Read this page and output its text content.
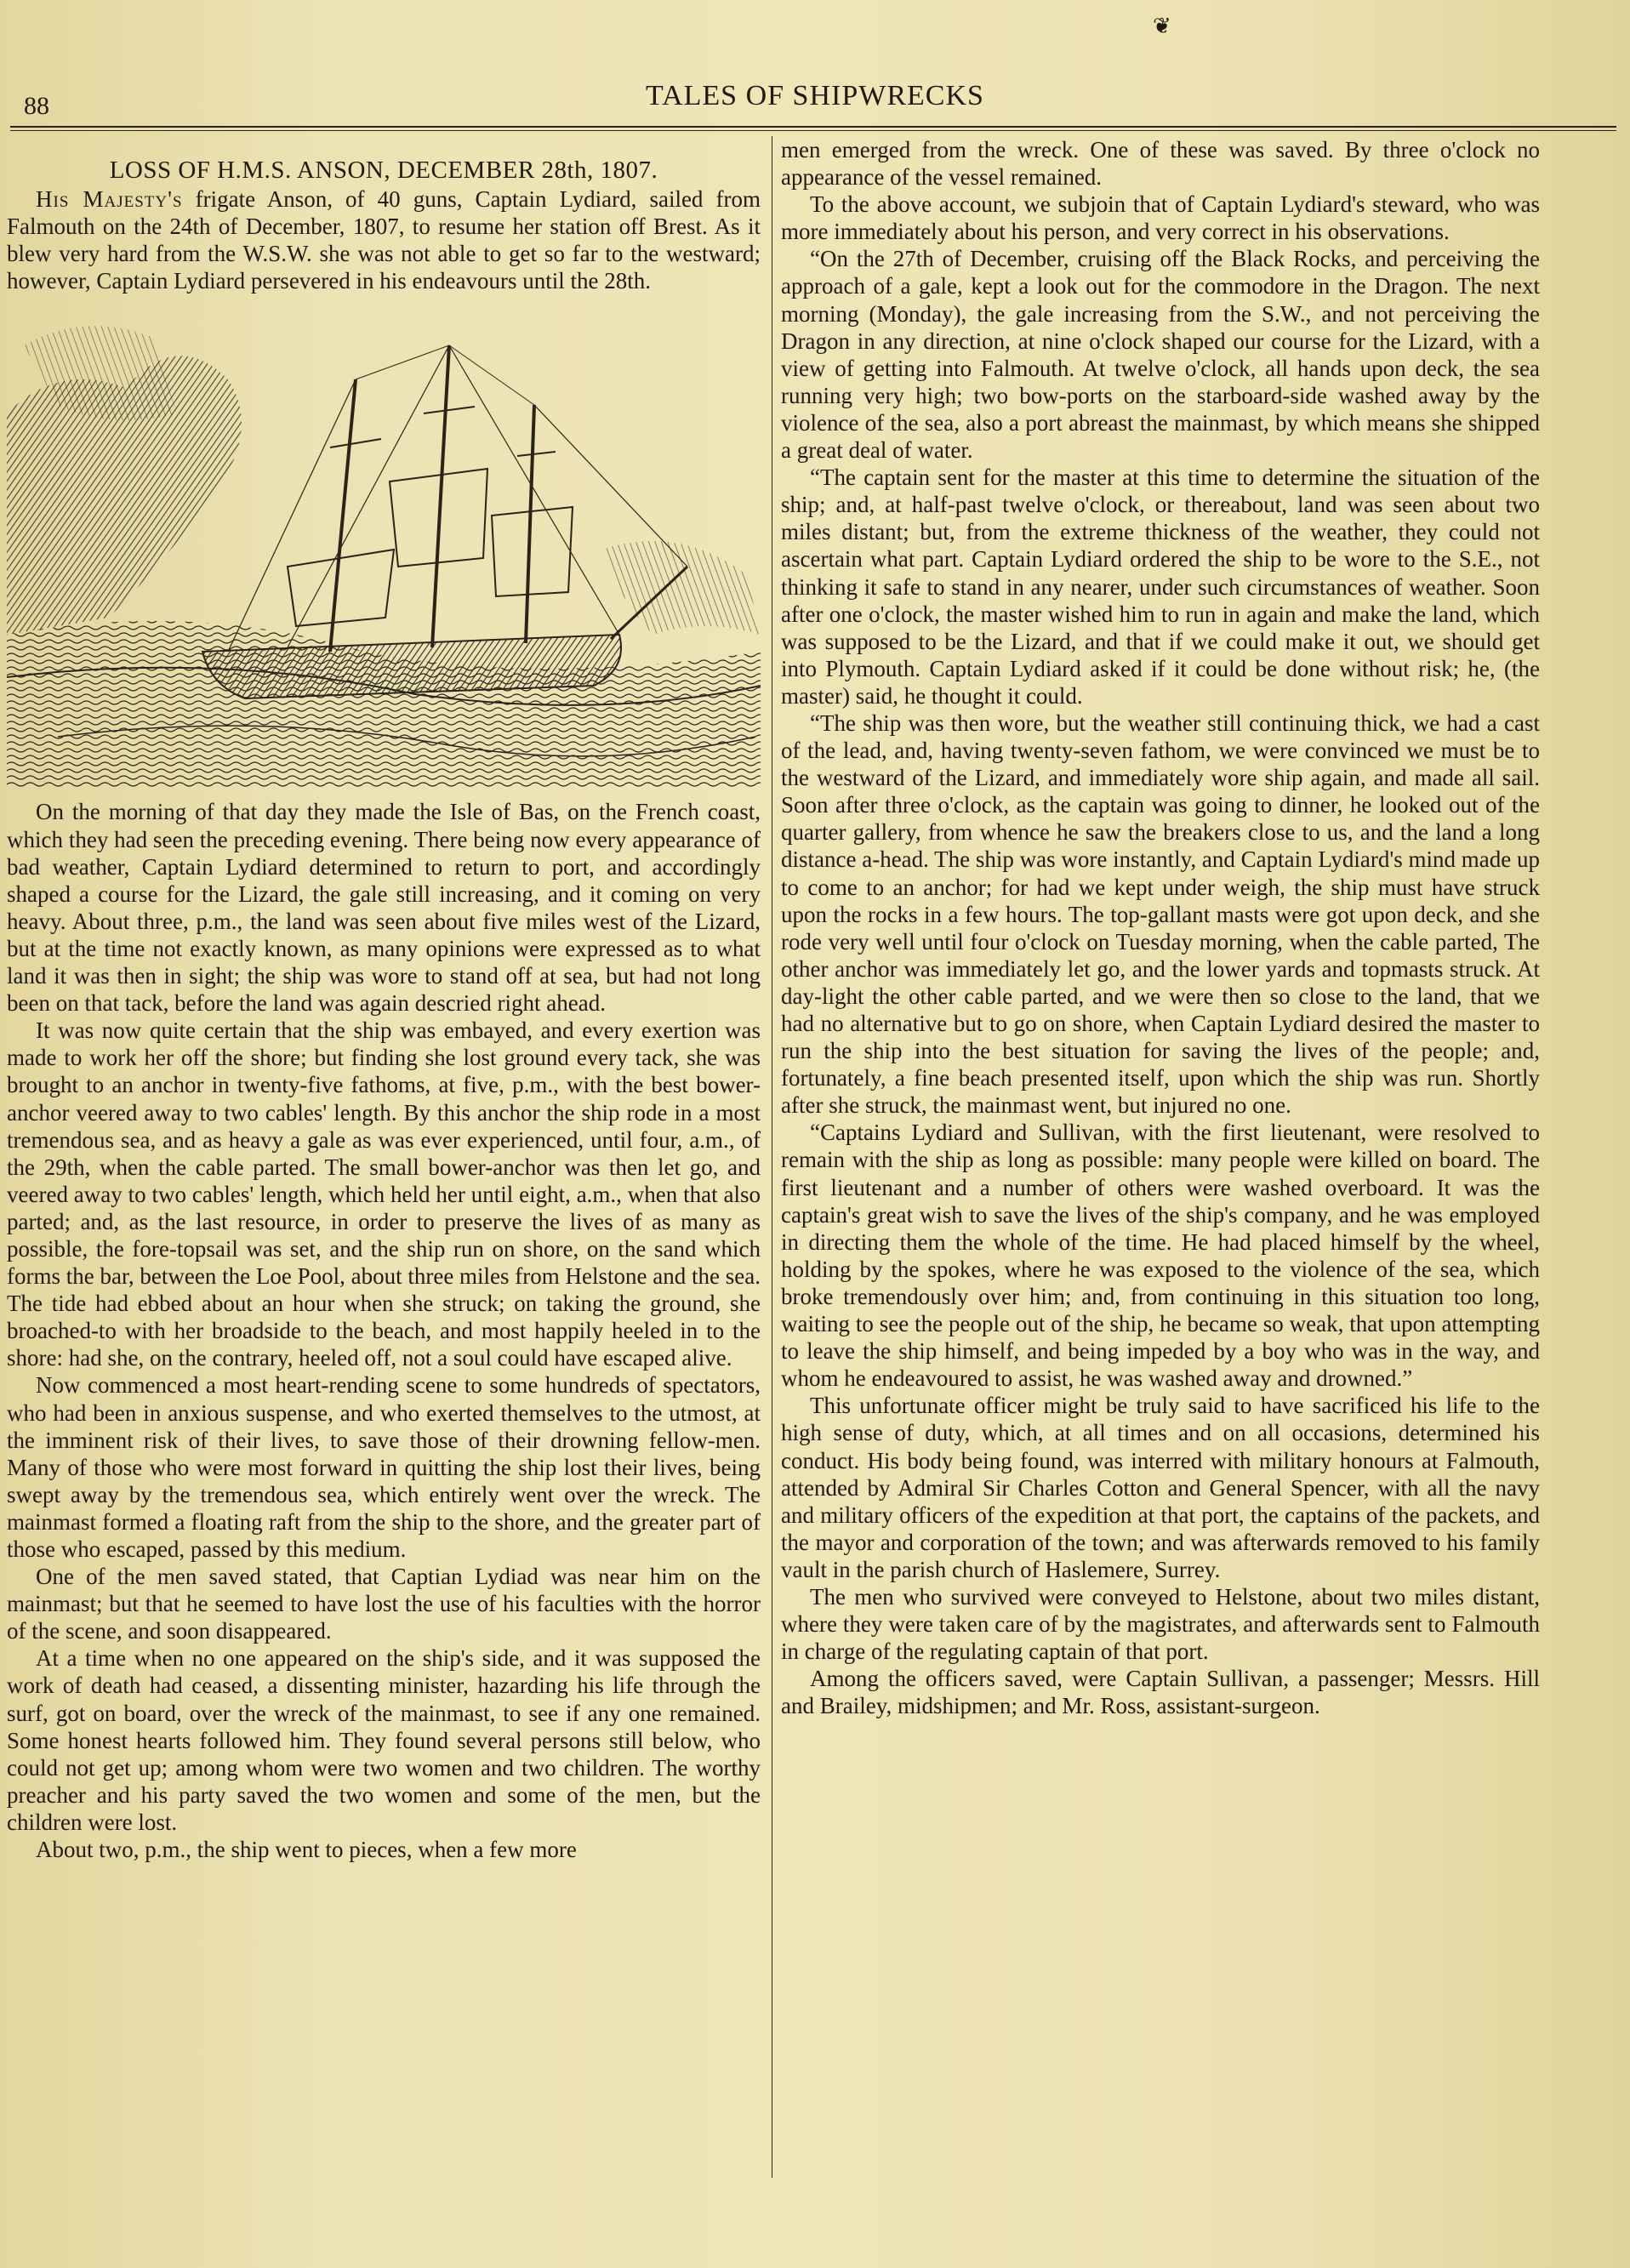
❦
88	TALES OF SHIPWRECKS
LOSS OF H.M.S. ANSON, DECEMBER 28th, 1807.

His Majesty's frigate Anson, of 40 guns, Captain Lydiard, sailed from Falmouth on the 24th of December, 1807, to resume her station off Brest. As it blew very hard from the W.S.W. she was not able to get so far to the westward; however, Captain Lydiard persevered in his endeavours until the 28th.

On the morning of that day they made the Isle of Bas, on the French coast, which they had seen the preceding evening. There being now every appearance of bad weather, Captain Lydiard determined to return to port, and accordingly shaped a course for the Lizard, the gale still increasing, and it coming on very heavy. About three, p.m., the land was seen about five miles west of the Lizard, but at the time not exactly known, as many opinions were expressed as to what land it was then in sight; the ship was wore to stand off at sea, but had not long been on that tack, before the land was again descried right ahead.

It was now quite certain that the ship was embayed, and every exertion was made to work her off the shore; but finding she lost ground every tack, she was brought to an anchor in twenty-five fathoms, at five, p.m., with the best bower-anchor veered away to two cables' length. By this anchor the ship rode in a most tremendous sea, and as heavy a gale as was ever experienced, until four, a.m., of the 29th, when the cable parted. The small bower-anchor was then let go, and veered away to two cables' length, which held her until eight, a.m., when that also parted; and, as the last resource, in order to preserve the lives of as many as possible, the fore-topsail was set, and the ship run on shore, on the sand which forms the bar, between the Loe Pool, about three miles from Helstone and the sea. The tide had ebbed about an hour when she struck; on taking the ground, she broached-to with her broadside to the beach, and most happily heeled in to the shore: had she, on the contrary, heeled off, not a soul could have escaped alive.

Now commenced a most heart-rending scene to some hundreds of spectators, who had been in anxious suspense, and who exerted themselves to the utmost, at the imminent risk of their lives, to save those of their drowning fellow-men. Many of those who were most forward in quitting the ship lost their lives, being swept away by the tremendous sea, which entirely went over the wreck. The mainmast formed a floating raft from the ship to the shore, and the greater part of those who escaped, passed by this medium.

One of the men saved stated, that Captian Lydiad was near him on the mainmast; but that he seemed to have lost the use of his faculties with the horror of the scene, and soon disappeared.

At a time when no one appeared on the ship's side, and it was supposed the work of death had ceased, a dissenting minister, hazarding his life through the surf, got on board, over the wreck of the mainmast, to see if any one remained. Some honest hearts followed him. They found several persons still below, who could not get up; among whom were two women and two children. The worthy preacher and his party saved the two women and some of the men, but the children were lost.

About two, p.m., the ship went to pieces, when a few more

men emerged from the wreck. One of these was saved. By three o'clock no appearance of the vessel remained.

To the above account, we subjoin that of Captain Lydiard's steward, who was more immediately about his person, and very correct in his observations.

“On the 27th of December, cruising off the Black Rocks, and perceiving the approach of a gale, kept a look out for the commodore in the Dragon. The next morning (Monday), the gale increasing from the S.W., and not perceiving the Dragon in any direction, at nine o'clock shaped our course for the Lizard, with a view of getting into Falmouth. At twelve o'clock, all hands upon deck, the sea running very high; two bow-ports on the starboard-side washed away by the violence of the sea, also a port abreast the mainmast, by which means she shipped a great deal of water.

“The captain sent for the master at this time to determine the situation of the ship; and, at half-past twelve o'clock, or thereabout, land was seen about two miles distant; but, from the extreme thickness of the weather, they could not ascertain what part. Captain Lydiard ordered the ship to be wore to the S.E., not thinking it safe to stand in any nearer, under such circumstances of weather. Soon after one o'clock, the master wished him to run in again and make the land, which was supposed to be the Lizard, and that if we could make it out, we should get into Plymouth. Captain Lydiard asked if it could be done without risk; he, (the master) said, he thought it could.

“The ship was then wore, but the weather still continuing thick, we had a cast of the lead, and, having twenty-seven fathom, we were convinced we must be to the westward of the Lizard, and immediately wore ship again, and made all sail. Soon after three o'clock, as the captain was going to dinner, he looked out of the quarter gallery, from whence he saw the breakers close to us, and the land a long distance a-head. The ship was wore instantly, and Captain Lydiard's mind made up to come to an anchor; for had we kept under weigh, the ship must have struck upon the rocks in a few hours. The top-gallant masts were got upon deck, and she rode very well until four o'clock on Tuesday morning, when the cable parted, The other anchor was immediately let go, and the lower yards and topmasts struck. At day-light the other cable parted, and we were then so close to the land, that we had no alternative but to go on shore, when Captain Lydiard desired the master to run the ship into the best situation for saving the lives of the people; and, fortunately, a fine beach presented itself, upon which the ship was run. Shortly after she struck, the mainmast went, but injured no one.

“Captains Lydiard and Sullivan, with the first lieutenant, were resolved to remain with the ship as long as possible: many people were killed on board. The first lieutenant and a number of others were washed overboard. It was the captain's great wish to save the lives of the ship's company, and he was employed in directing them the whole of the time. He had placed himself by the wheel, holding by the spokes, where he was exposed to the violence of the sea, which broke tremendously over him; and, from continuing in this situation too long, waiting to see the people out of the ship, he became so weak, that upon attempting to leave the ship himself, and being impeded by a boy who was in the way, and whom he endeavoured to assist, he was washed away and drowned.”

This unfortunate officer might be truly said to have sacrificed his life to the high sense of duty, which, at all times and on all occasions, determined his conduct. His body being found, was interred with military honours at Falmouth, attended by Admiral Sir Charles Cotton and General Spencer, with all the navy and military officers of the expedition at that port, the captains of the packets, and the mayor and corporation of the town; and was afterwards removed to his family vault in the parish church of Haslemere, Surrey.

The men who survived were conveyed to Helstone, about two miles distant, where they were taken care of by the magistrates, and afterwards sent to Falmouth in charge of the regulating captain of that port.

Among the officers saved, were Captain Sullivan, a passenger; Messrs. Hill and Brailey, midshipmen; and Mr. Ross, assistant-surgeon.
